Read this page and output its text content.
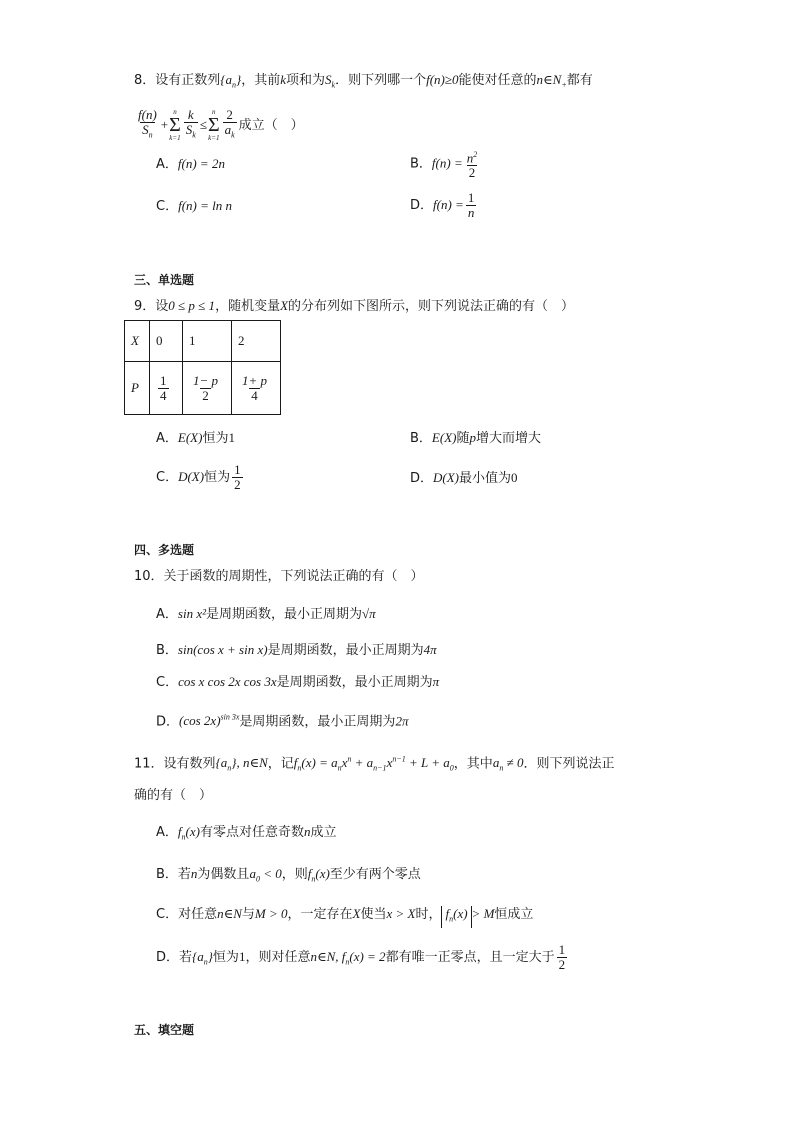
8．设有正数列$\{a_n\}$，其前k项和为$S_k$．则下列哪一个f(n)≥0能使对任意的$n\in N_+$都有
$\frac{f(n)}{S_n}$ +
n
Σ
$k=1 \frac{k}{S_k}$ ≤
n
Σ
$k=1 \frac{2}{a_k}$ 成立（　）
A．f(n) = 2n	B．$f(n) = \frac{n^2}{2}$
C．f(n) = ln n	D．$f(n) = \frac{1}{n}$
三、单选题
9．设0 ≤ p ≤ 1，随机变量X的分布列如下图所示，则下列说法正确的有（　）
X	0	1	2
P	$\frac{1}{4}$	$\frac{1- p}{2}$	$\frac{1+ p}{4}$
A．E(X)恒为1	B．E(X)随p增大而增大
C．D(X)恒为 $\frac{1}{2}$	D．D(X)最小值为0
四、多选题
10．关于函数的周期性，下列说法正确的有（　）
A．sin x²是周期函数，最小正周期为√π
B．sin(cos x + sin x)是周期函数，最小正周期为4π
C．cos x cos 2x cos 3x是周期函数，最小正周期为π
D．(cos 2x)$^{sin 3x}$是周期函数，最小正周期为2π
11．设有数列$\{a_n\}$, n∈N，记$f_n(x) = a_nx^n + a_{n-1}x^{n-1} + L + a_0$，其中$a_n \ne 0$．则下列说法正
确的有（　）
A．$f_n(x)$有零点对任意奇数n成立
B．若n为偶数且$a_0 < 0$，则$f_n(x)$至少有两个零点
C．对任意n∈N与M > 0，一定存在X使当x > X时， $f_n(x) > M$恒成立
D．若$\{a_n\}$恒为1，则对任意n∈N, $f_n(x) = 2$都有唯一正零点，且一定大于 $\frac{1}{2}$
五、填空题
